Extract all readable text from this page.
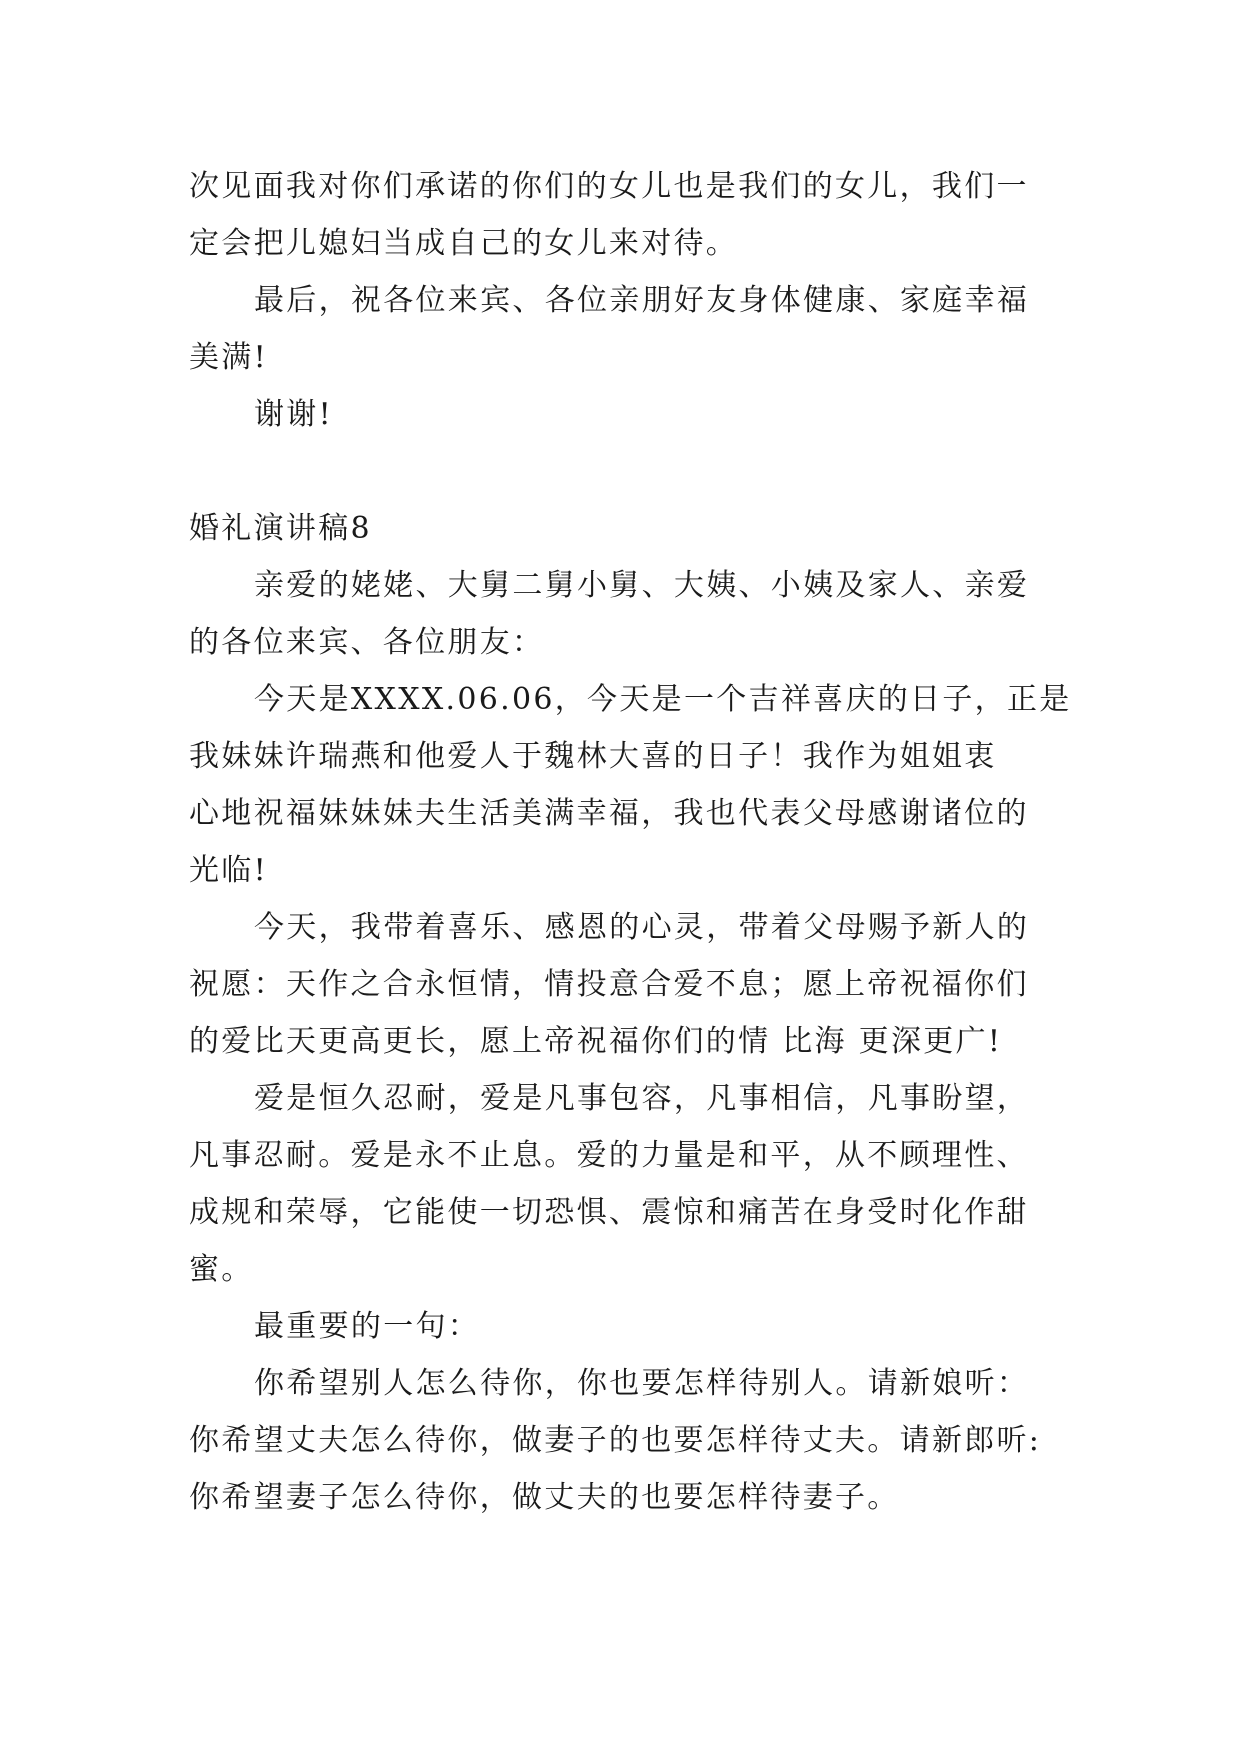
次见面我对你们承诺的你们的女儿也是我们的女儿，我们一
定会把儿媳妇当成自己的女儿来对待。
最后，祝各位来宾、各位亲朋好友身体健康、家庭幸福
美满!
谢谢!
婚礼演讲稿8
亲爱的姥姥、大舅二舅小舅、大姨、小姨及家人、亲爱
的各位来宾、各位朋友：
今天是XXXX.06.06，今天是一个吉祥喜庆的日子，正是
我妹妹许瑞燕和他爱人于魏林大喜的日子！我作为姐姐衷
心地祝福妹妹妹夫生活美满幸福，我也代表父母感谢诸位的
光临!
今天，我带着喜乐、感恩的心灵，带着父母赐予新人的
祝愿：天作之合永恒情，情投意合爱不息；愿上帝祝福你们
的爱比天更高更长，愿上帝祝福你们的情 比海 更深更广!
爱是恒久忍耐，爱是凡事包容，凡事相信，凡事盼望，
凡事忍耐。爱是永不止息。爱的力量是和平，从不顾理性、
成规和荣辱，它能使一切恐惧、震惊和痛苦在身受时化作甜
蜜。
最重要的一句：
你希望别人怎么待你，你也要怎样待别人。请新娘听：
你希望丈夫怎么待你，做妻子的也要怎样待丈夫。请新郎听:
你希望妻子怎么待你，做丈夫的也要怎样待妻子。
